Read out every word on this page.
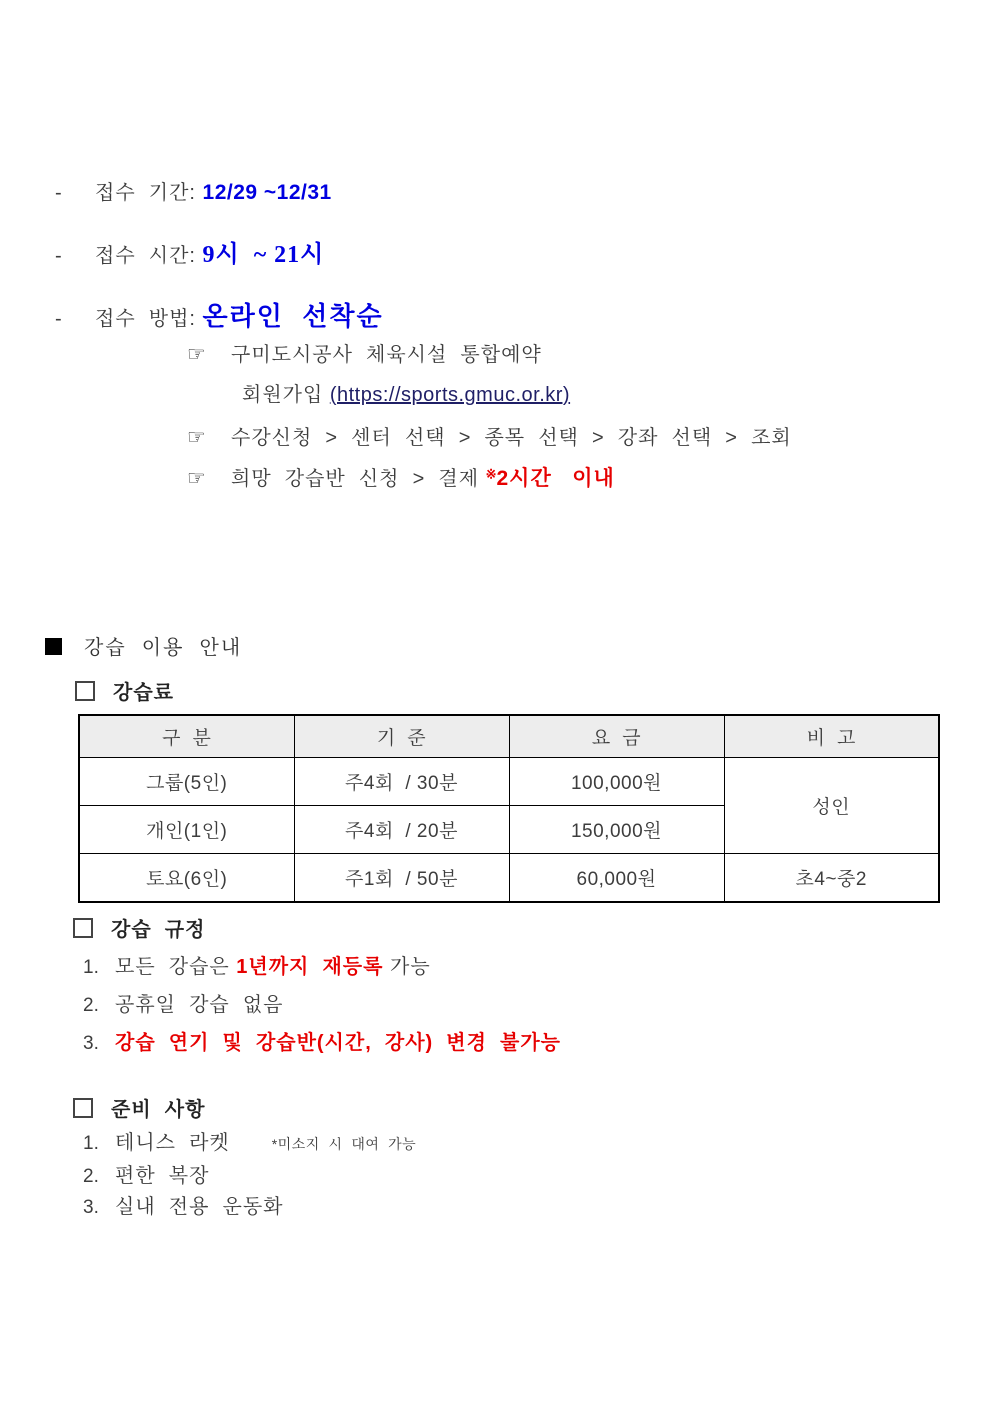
- 접수  기간: 12/29 ~12/31
- 접수  시간: 9시  ~ 21시
- 접수  방법: 온라인  선착순
☞ 구미도시공사  체육시설  통합예약
회원가입 (https://sports.gmuc.or.kr)
☞ 수강신청  >  센터  선택  >  종목  선택  >  강좌  선택  >  조회
☞ 희망  강습반  신청  >  결제 ※2시간   이내
강습  이용  안내
강습료
구  분	기  준	요  금	비  고
그룹(5인)	주4회  / 30분	100,000원	성인
개인(1인)	주4회  / 20분	150,000원	
토요(6인)	주1회  / 50분	60,000원	초4~중2
강습  규정
1. 모든  강습은 1년까지  재등록 가능
2. 공휴일  강습  없음
3. 강습  연기  및  강습반(시간,  강사)  변경  불가능
준비  사항
1. 테니스  라켓	*미소지  시  대여  가능
2. 편한  복장
3. 실내  전용  운동화
